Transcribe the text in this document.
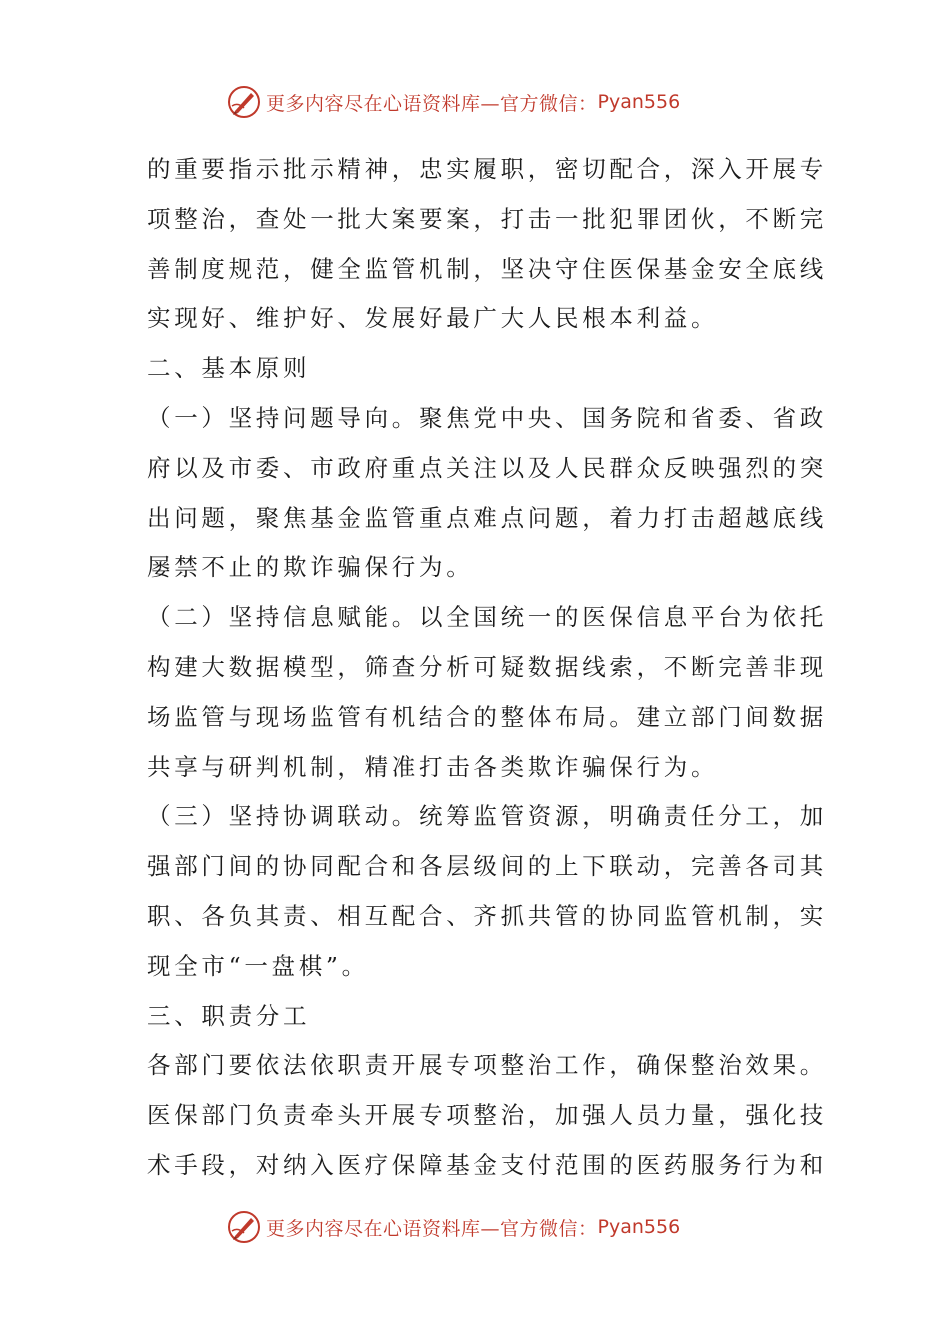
更多内容尽在心语资料库—官方微信： Pyan556
的重要指示批示精神，忠实履职，密切配合，深入开展专
项整治，查处一批大案要案，打击一批犯罪团伙，不断完
善制度规范，健全监管机制，坚决守住医保基金安全底线
实现好、维护好、发展好最广大人民根本利益。
二、基本原则
（一）坚持问题导向。聚焦党中央、国务院和省委、省政
府以及市委、市政府重点关注以及人民群众反映强烈的突
出问题，聚焦基金监管重点难点问题，着力打击超越底线
屡禁不止的欺诈骗保行为。
（二）坚持信息赋能。以全国统一的医保信息平台为依托
构建大数据模型，筛查分析可疑数据线索，不断完善非现
场监管与现场监管有机结合的整体布局。建立部门间数据
共享与研判机制，精准打击各类欺诈骗保行为。
（三）坚持协调联动。统筹监管资源，明确责任分工，加
强部门间的协同配合和各层级间的上下联动，完善各司其
职、各负其责、相互配合、齐抓共管的协同监管机制，实
现全市“一盘棋”。
三、职责分工
各部门要依法依职责开展专项整治工作，确保整治效果。
医保部门负责牵头开展专项整治，加强人员力量，强化技
术手段，对纳入医疗保障基金支付范围的医药服务行为和
更多内容尽在心语资料库—官方微信： Pyan556
